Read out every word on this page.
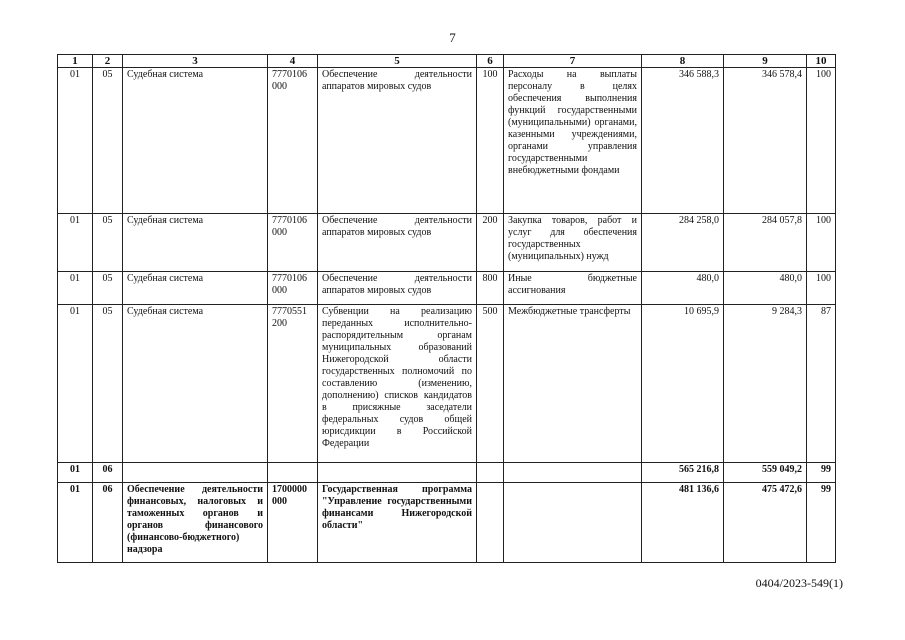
7
1	2	3	4	5	6	7	8	9	10
01	05	Судебная система	7770106 000	Обеспечение деятельности аппаратов мировых судов	100	Расходы на выплаты персоналу в целях обеспечения выполнения функций государственными (муниципальными) органами, казенными учреждениями, органами управления государственными внебюджетными фондами	346 588,3	346 578,4	100
01	05	Судебная система	7770106 000	Обеспечение деятельности аппаратов мировых судов	200	Закупка товаров, работ и услуг для обеспечения государственных (муниципальных) нужд	284 258,0	284 057,8	100
01	05	Судебная система	7770106 000	Обеспечение деятельности аппаратов мировых судов	800	Иные бюджетные ассигнования	480,0	480,0	100
01	05	Судебная система	7770551 200	Субвенции на реализацию переданных исполнительно-распорядительным органам муниципальных образований Нижегородской области государственных полномочий по составлению (изменению, дополнению) списков кандидатов в присяжные заседатели федеральных судов общей юрисдикции в Российской Федерации	500	Межбюджетные трансферты	10 695,9	9 284,3	87
01	06						565 216,8	559 049,2	99
01	06	Обеспечение деятельности финансовых, налоговых и таможенных органов и органов финансового (финансово-бюджетного) надзора	1700000 000	Государственная программа "Управление государственными финансами Нижегородской области"			481 136,6	475 472,6	99
0404/2023-549(1)
